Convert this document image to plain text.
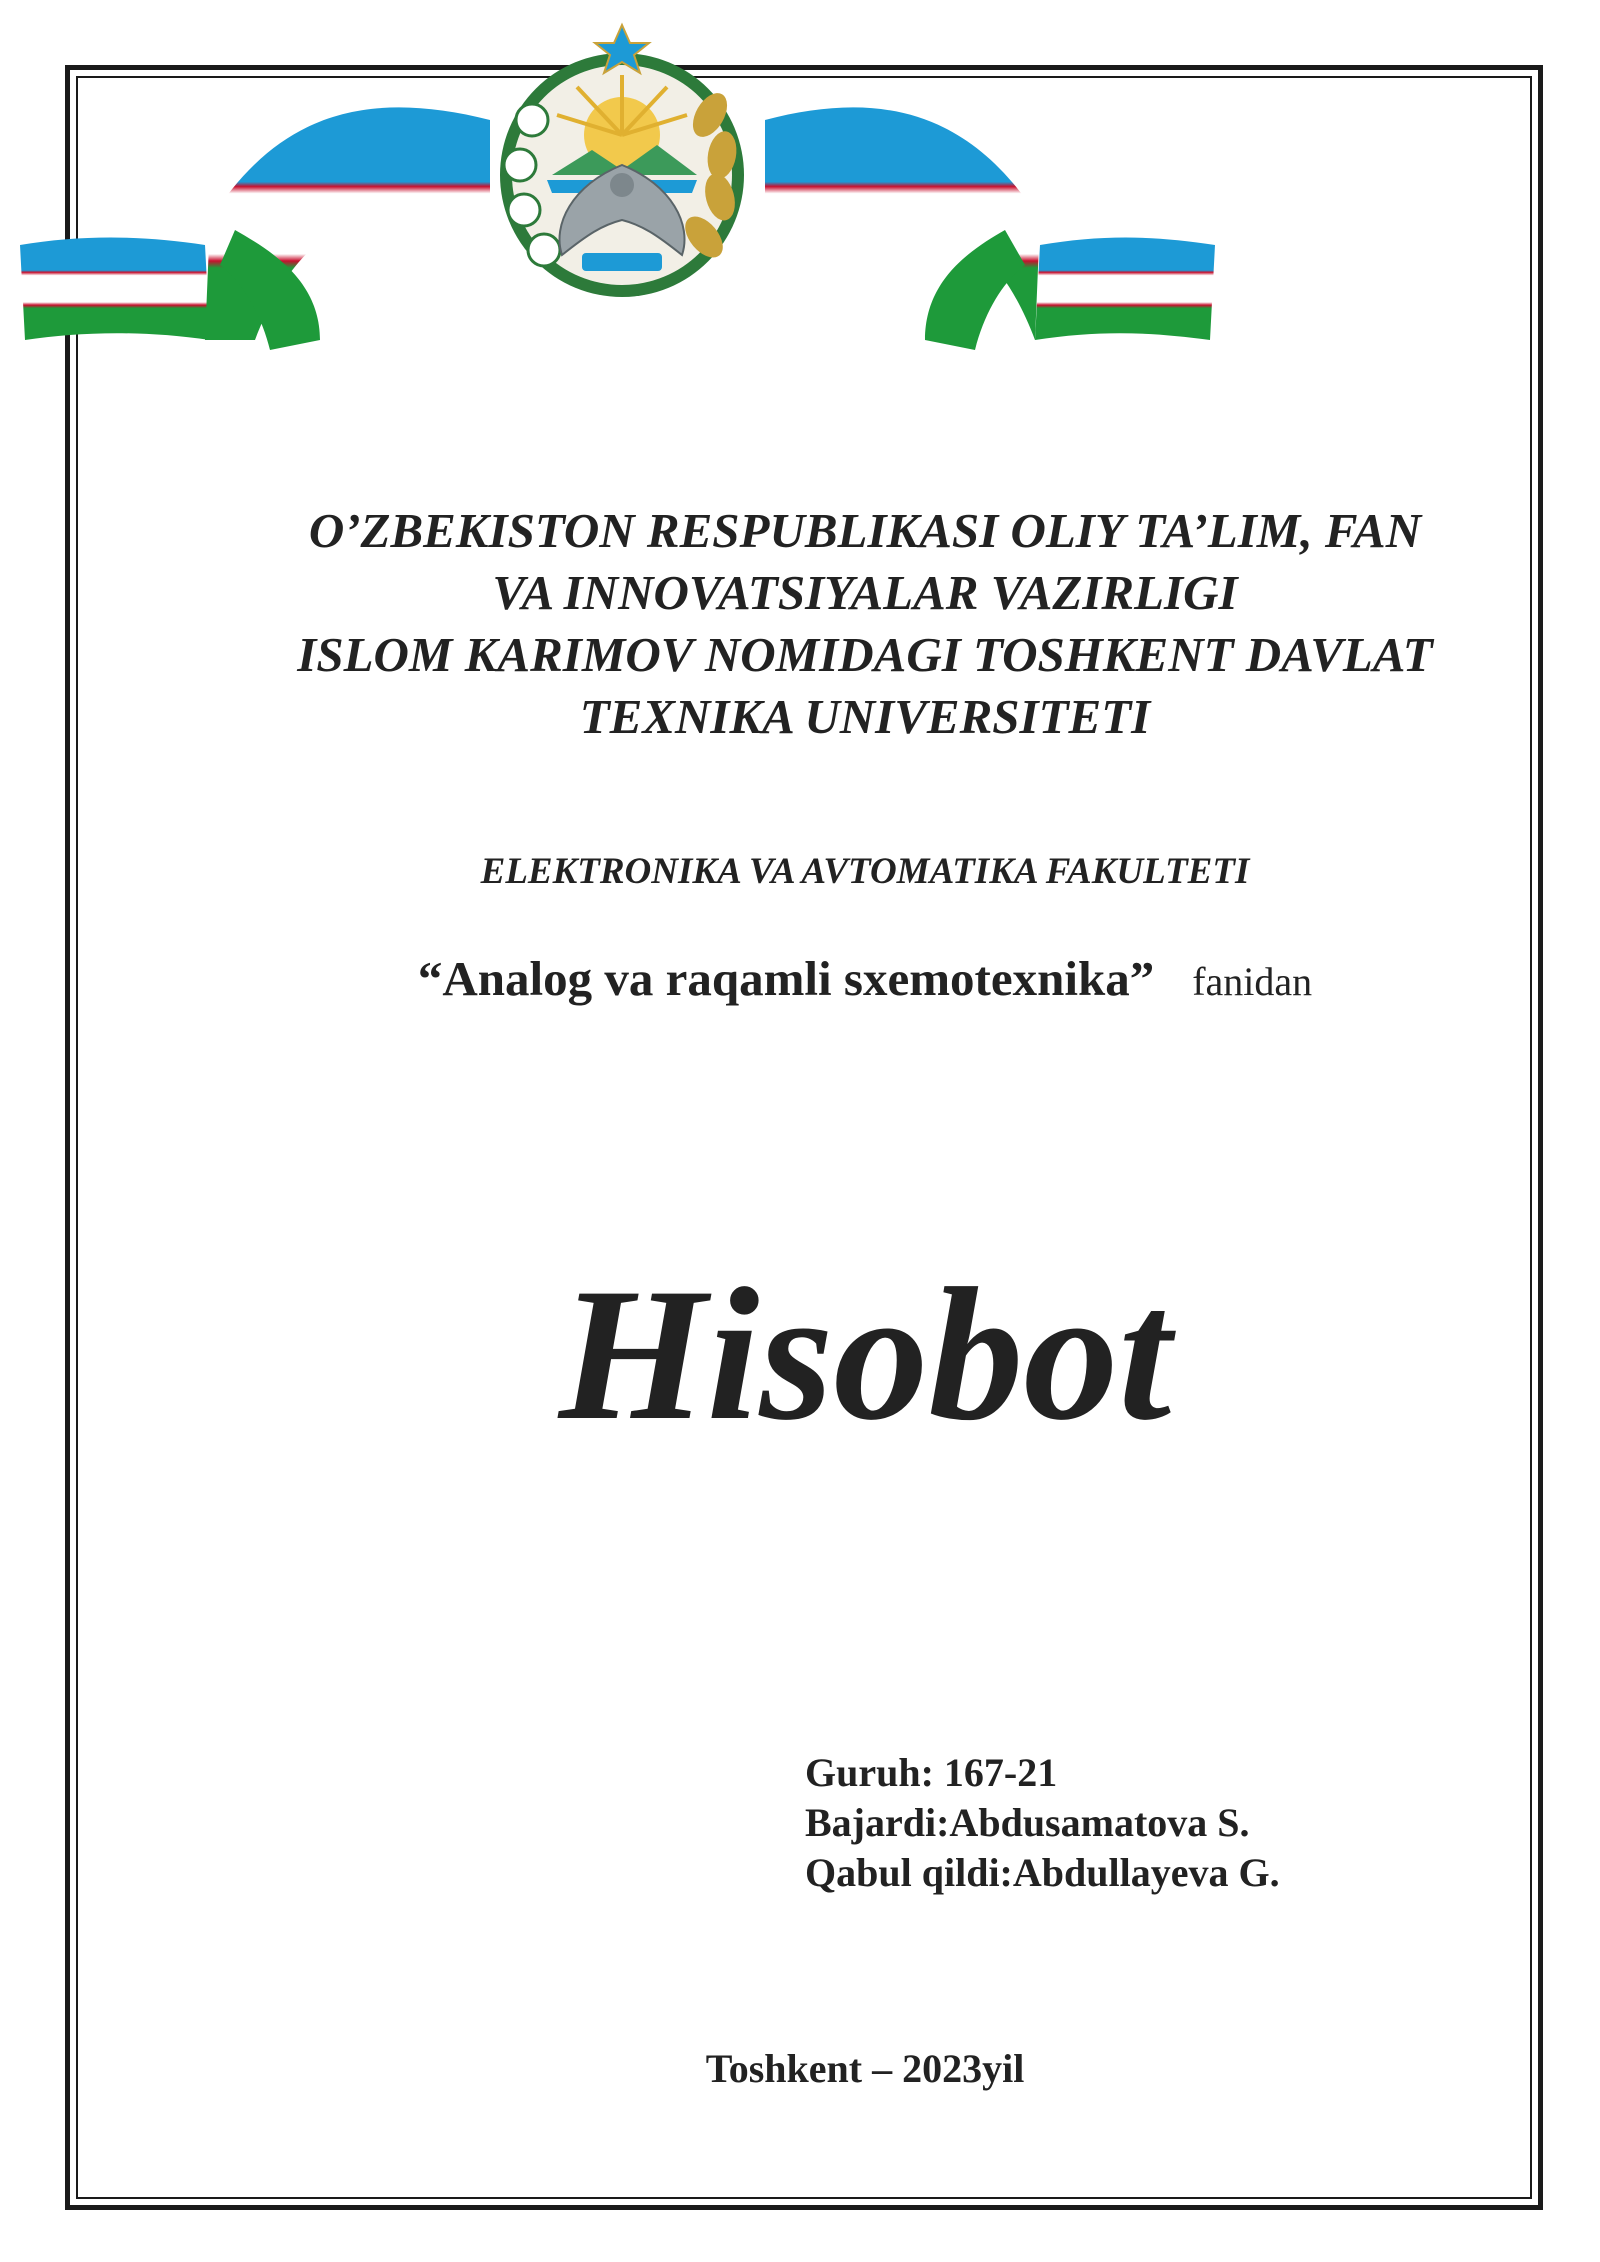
O’ZBEKISTON RESPUBLIKASI OLIY TA’LIM, FAN
VA INNOVATSIYALAR VAZIRLIGI
ISLOM KARIMOV NOMIDAGI TOSHKENT DAVLAT
TEXNIKA UNIVERSITETI
ELEKTRONIKA VA AVTOMATIKA FAKULTETI
“Analog va raqamli sxemotexnika” fanidan
Hisobot
Guruh: 167-21
Bajardi:Abdusamatova S.
Qabul qildi:Abdullayeva G.
Toshkent – 2023yil
